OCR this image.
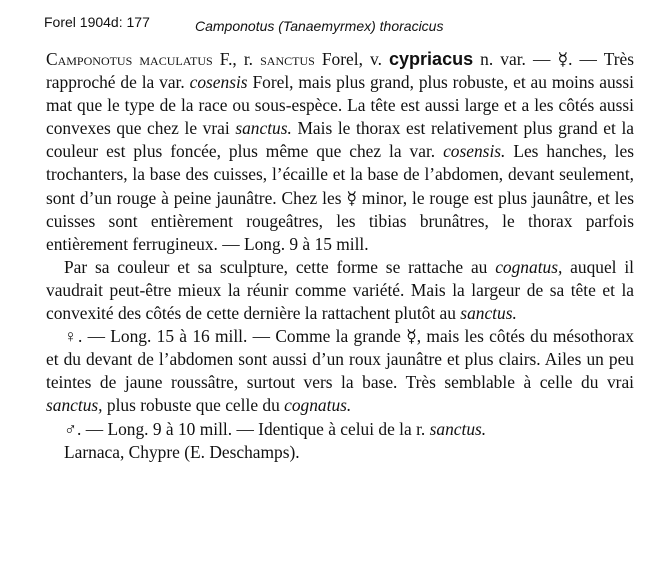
Forel 1904d: 177	Camponotus (Tanaemyrmex) thoracicus

Camponotus maculatus F., r. sanctus Forel, v. cypriacus n. var. — ☿. — Très rapproché de la var. cosensis Forel, mais plus grand, plus robuste, et au moins aussi mat que le type de la race ou sous-espèce. La tête est aussi large et a les côtés aussi convexes que chez le vrai sanctus. Mais le thorax est relativement plus grand et la couleur est plus foncée, plus même que chez la var. cosensis. Les hanches, les trochanters, la base des cuisses, l’écaille et la base de l’abdomen, devant seulement, sont d’un rouge à peine jaunâtre. Chez les ☿ minor, le rouge est plus jaunâtre, et les cuisses sont entièrement rougeâtres, les tibias brunâtres, le thorax parfois entièrement ferrugineux. — Long. 9 à 15 mill.

Par sa couleur et sa sculpture, cette forme se rattache au cognatus, auquel il vaudrait peut-être mieux la réunir comme variété. Mais la largeur de sa tête et la convexité des côtés de cette dernière la rattachent plutôt au sanctus.

♀. — Long. 15 à 16 mill. — Comme la grande ☿, mais les côtés du mésothorax et du devant de l’abdomen sont aussi d’un roux jaunâtre et plus clairs. Ailes un peu teintes de jaune roussâtre, surtout vers la base. Très semblable à celle du vrai sanctus, plus robuste que celle du cognatus.

♂. — Long. 9 à 10 mill. — Identique à celui de la r. sanctus.

Larnaca, Chypre (E. Deschamps).
